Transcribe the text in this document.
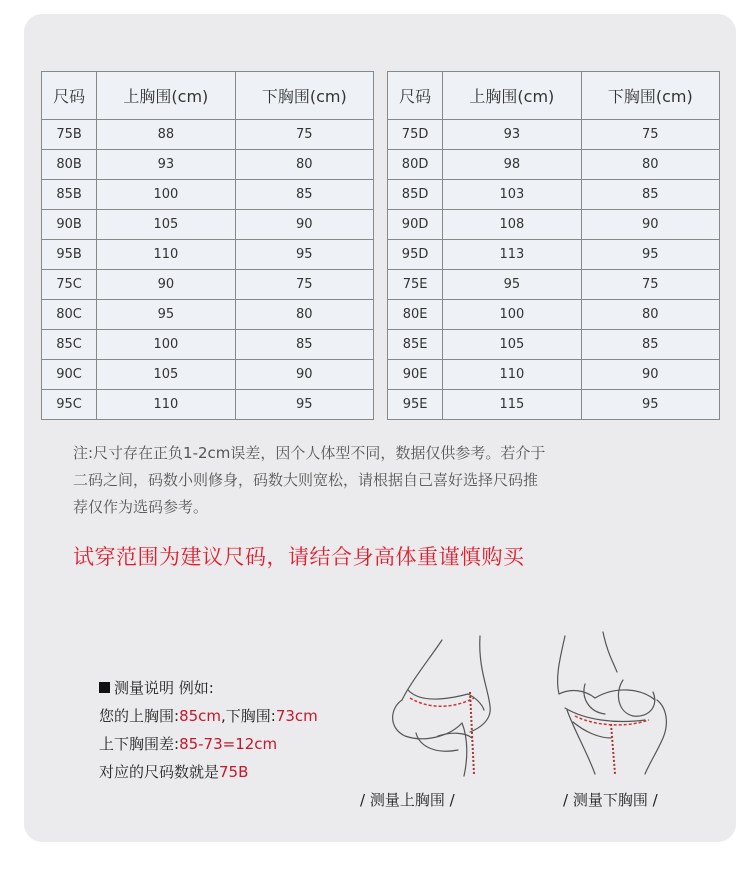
尺码	上胸围(cm)	下胸围(cm)
75B	88	75
80B	93	80
85B	100	85
90B	105	90
95B	110	95
75C	90	75
80C	95	80
85C	100	85
90C	105	90
95C	110	95
尺码	上胸围(cm)	下胸围(cm)
75D	93	75
80D	98	80
85D	103	85
90D	108	90
95D	113	95
75E	95	75
80E	100	80
85E	105	85
90E	110	90
95E	115	95
注:尺寸存在正负1-2cm误差，因个人体型不同，数据仅供参考。若介于
二码之间，码数小则修身，码数大则宽松，请根据自己喜好选择尺码推
荐仅作为选码参考。
试穿范围为建议尺码，请结合身高体重谨慎购买
测量说明 例如:
您的上胸围:85cm,下胸围:73cm
上下胸围差:85-73=12cm
对应的尺码数就是75B
/ 测量上胸围 /	/ 测量下胸围 /
